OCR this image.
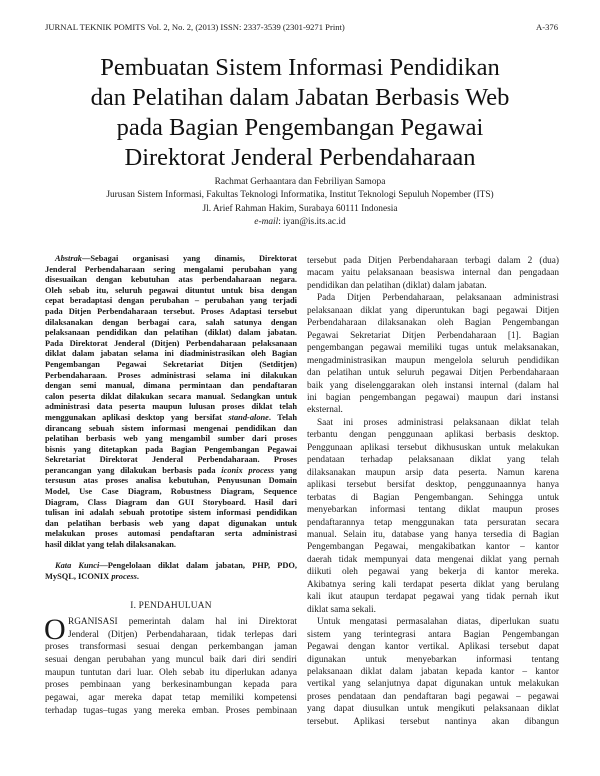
JURNAL TEKNIK POMITS Vol. 2, No. 2, (2013) ISSN: 2337-3539 (2301-9271 Print)	A-376
Pembuatan Sistem Informasi Pendidikan
dan Pelatihan dalam Jabatan Berbasis Web
pada Bagian Pengembangan Pegawai
Direktorat Jenderal Perbendaharaan
Rachmat Gerhaantara dan Febriliyan Samopa
Jurusan Sistem Informasi, Fakultas Teknologi Informatika, Institut Teknologi Sepuluh Nopember (ITS)
Jl. Arief Rahman Hakim, Surabaya 60111 Indonesia
e-mail: iyan@is.its.ac.id
Abstrak—Sebagai organisasi yang dinamis, Direktorat
Jenderal Perbendaharaan sering mengalami perubahan yang
disesuaikan dengan kebutuhan atas perbendaharaan negara.
Oleh sebab itu, seluruh pegawai dituntut untuk bisa dengan
cepat beradaptasi dengan perubahan – perubahan yang terjadi
pada Ditjen Perbendaharaan tersebut. Proses Adaptasi tersebut
dilaksanakan dengan berbagai cara, salah satunya dengan
pelaksanaan pendidikan dan pelatihan (diklat) dalam jabatan.
Pada Direktorat Jenderal (Ditjen) Perbendaharaan pelaksanaan
diklat dalam jabatan selama ini diadministrasikan oleh Bagian
Pengembangan Pegawai Sekretariat Ditjen (Setditjen)
Perbendaharaan. Proses administrasi selama ini dilakukan
dengan semi manual, dimana permintaan dan pendaftaran
calon peserta diklat dilakukan secara manual. Sedangkan untuk
administrasi data peserta maupun lulusan proses diklat telah
menggunakan aplikasi desktop yang bersifat stand-alone. Telah
dirancang sebuah sistem informasi mengenai pendidikan dan
pelatihan berbasis web yang mengambil sumber dari proses
bisnis yang ditetapkan pada Bagian Pengembangan Pegawai
Sekretariat Direktorat Jenderal Perbendaharaan. Proses
perancangan yang dilakukan berbasis pada iconix process yang
tersusun atas proses analisa kebutuhan, Penyusunan Domain
Model, Use Case Diagram, Robustness Diagram, Sequence
Diagram, Class Diagram dan GUI Storyboard. Hasil dari
tulisan ini adalah sebuah prototipe sistem informasi pendidikan
dan pelatihan berbasis web yang dapat digunakan untuk
melakukan proses automasi pendaftaran serta administrasi
hasil diklat yang telah dilaksanakan.
Kata Kunci—Pengelolaan diklat dalam jabatan, PHP, PDO,
MySQL, ICONIX process.
I. PENDAHULUAN
O RGANISASI pemerintah dalam hal ini Direktorat
Jenderal (Ditjen) Perbendaharaan, tidak terlepas dari
proses transformasi sesuai dengan perkembangan jaman
sesuai dengan perubahan yang muncul baik dari diri sendiri
maupun tuntutan dari luar. Oleh sebab itu diperlukan adanya
proses pembinaan yang berkesinambungan kepada para
pegawai, agar mereka dapat tetap memiliki kompetensi
terhadap tugas–tugas yang mereka emban. Proses pembinaan
tersebut pada Ditjen Perbendaharaan terbagi dalam 2 (dua)
macam yaitu pelaksanaan beasiswa internal dan pengadaan
pendidikan dan pelatihan (diklat) dalam jabatan.
Pada Ditjen Perbendaharaan, pelaksanaan administrasi
pelaksanaan diklat yang diperuntukan bagi pegawai Ditjen
Perbendaharaan dilaksanakan oleh Bagian Pengembangan
Pegawai Sekretariat Ditjen Perbendaharaan [1]. Bagian
pengembangan pegawai memiliki tugas untuk melaksanakan,
mengadministrasikan maupun mengelola seluruh pendidikan
dan pelatihan untuk seluruh pegawai Ditjen Perbendaharaan
baik yang diselenggarakan oleh instansi internal (dalam hal
ini bagian pengembangan pegawai) maupun dari instansi
eksternal.
Saat ini proses administrasi pelaksanaan diklat telah
terbantu dengan penggunaan aplikasi berbasis desktop.
Penggunaan aplikasi tersebut dikhususkan untuk melakukan
pendataan terhadap pelaksanaan diklat yang telah
dilaksanakan maupun arsip data peserta. Namun karena
aplikasi tersebut bersifat desktop, penggunaannya hanya
terbatas di Bagian Pengembangan. Sehingga untuk
menyebarkan informasi tentang diklat maupun proses
pendaftarannya tetap menggunakan tata persuratan secara
manual. Selain itu, database yang hanya tersedia di Bagian
Pengembangan Pegawai, mengakibatkan kantor – kantor
daerah tidak mempunyai data mengenai diklat yang pernah
diikuti oleh pegawai yang bekerja di kantor mereka.
Akibatnya sering kali terdapat peserta diklat yang berulang
kali ikut ataupun terdapat pegawai yang tidak pernah ikut
diklat sama sekali.
Untuk mengatasi permasalahan diatas, diperlukan suatu
sistem yang terintegrasi antara Bagian Pengembangan
Pegawai dengan kantor vertikal. Aplikasi tersebut dapat
digunakan untuk menyebarkan informasi tentang
pelaksanaan diklat dalam jabatan kepada kantor – kantor
vertikal yang selanjutnya dapat digunakan untuk melakukan
proses pendataan dan pendaftaran bagi pegawai – pegawai
yang dapat diusulkan untuk mengikuti pelaksanaan diklat
tersebut. Aplikasi tersebut nantinya akan dibangun
